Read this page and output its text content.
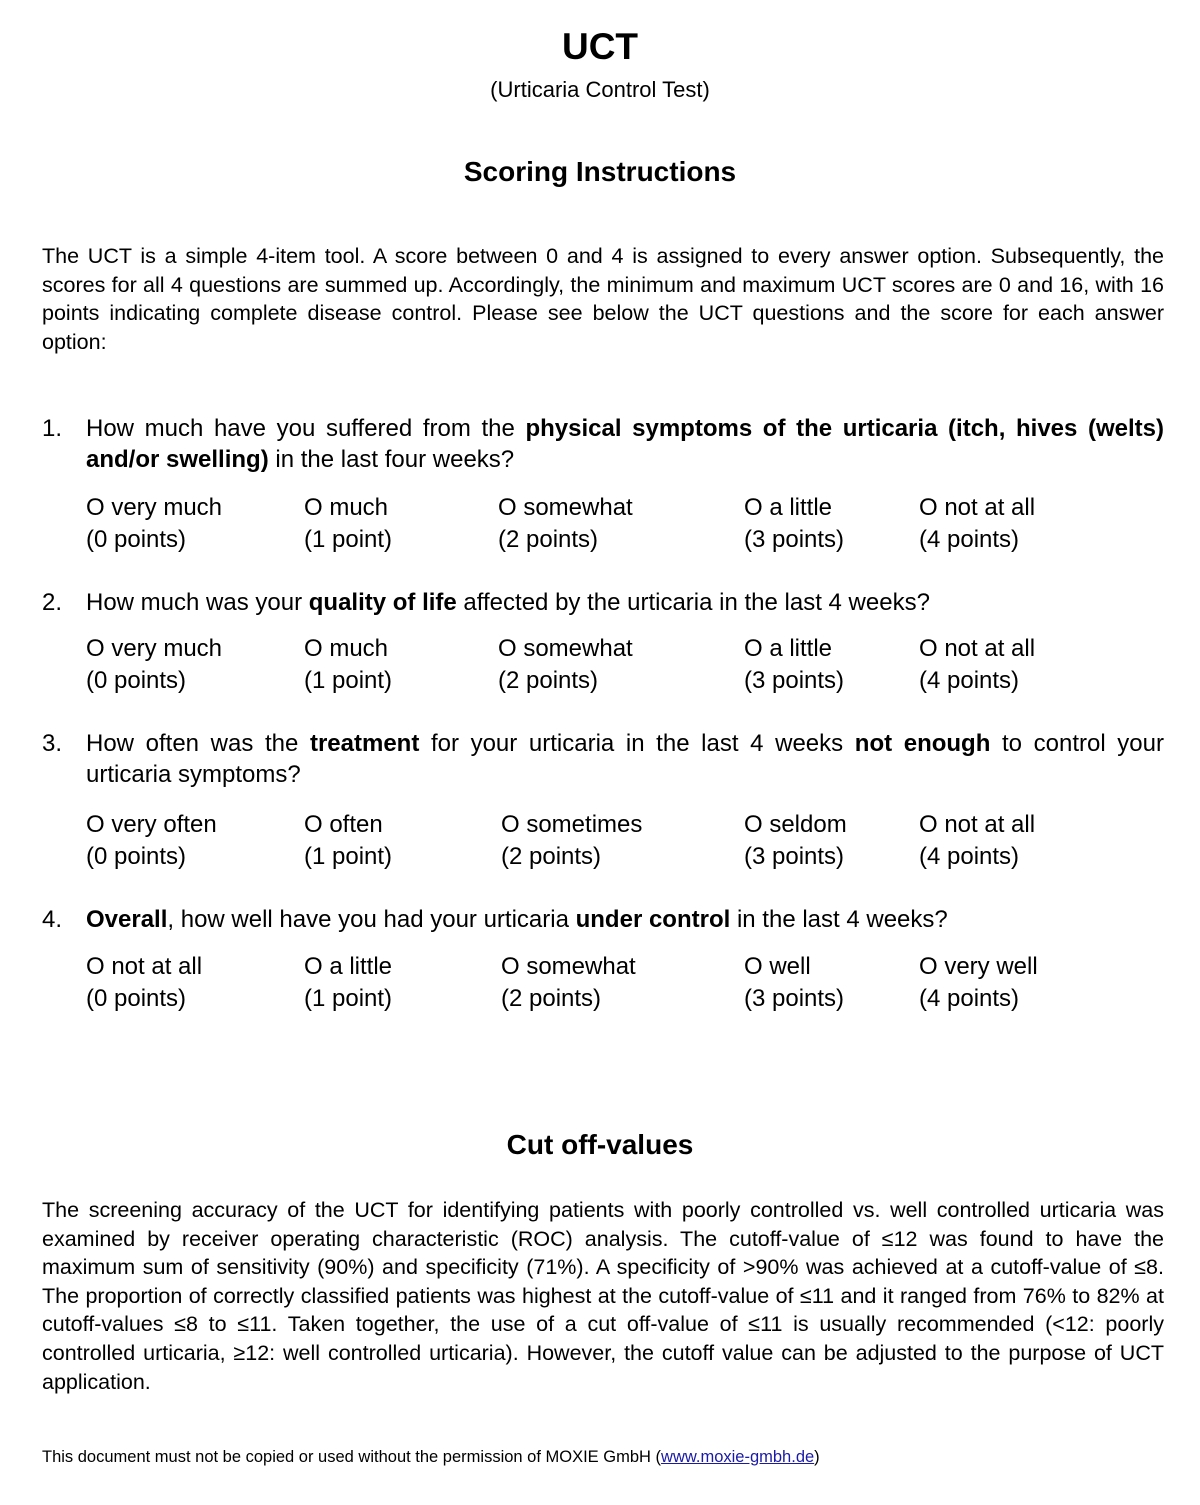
UCT
(Urticaria Control Test)
Scoring Instructions
The UCT is a simple 4-item tool. A score between 0 and 4 is assigned to every answer option. Subsequently, the scores for all 4 questions are summed up. Accordingly, the minimum and maximum UCT scores are 0 and 16, with 16 points indicating complete disease control. Please see below the UCT questions and the score for each answer option:
1. How much have you suffered from the physical symptoms of the urticaria (itch, hives (welts) and/or swelling) in the last four weeks?
O very much
(0 points)
O much
(1 point)
O somewhat
(2 points)
O a little
(3 points)
O not at all
(4 points)
2. How much was your quality of life affected by the urticaria in the last 4 weeks?
O very much
(0 points)
O much
(1 point)
O somewhat
(2 points)
O a little
(3 points)
O not at all
(4 points)
3. How often was the treatment for your urticaria in the last 4 weeks not enough to control your urticaria symptoms?
O very often
(0 points)
O often
(1 point)
O sometimes
(2 points)
O seldom
(3 points)
O not at all
(4 points)
4. Overall, how well have you had your urticaria under control in the last 4 weeks?
O not at all
(0 points)
O a little
(1 point)
O somewhat
(2 points)
O well
(3 points)
O very well
(4 points)
Cut off-values
The screening accuracy of the UCT for identifying patients with poorly controlled vs. well controlled urticaria was examined by receiver operating characteristic (ROC) analysis. The cutoff-value of ≤12 was found to have the maximum sum of sensitivity (90%) and specificity (71%). A specificity of >90% was achieved at a cutoff-value of ≤8. The proportion of correctly classified patients was highest at the cutoff-value of ≤11 and it ranged from 76% to 82% at cutoff-values ≤8 to ≤11. Taken together, the use of a cut off-value of ≤11 is usually recommended (<12: poorly controlled urticaria, ≥12: well controlled urticaria). However, the cutoff value can be adjusted to the purpose of UCT application.
This document must not be copied or used without the permission of MOXIE GmbH (www.moxie-gmbh.de)
